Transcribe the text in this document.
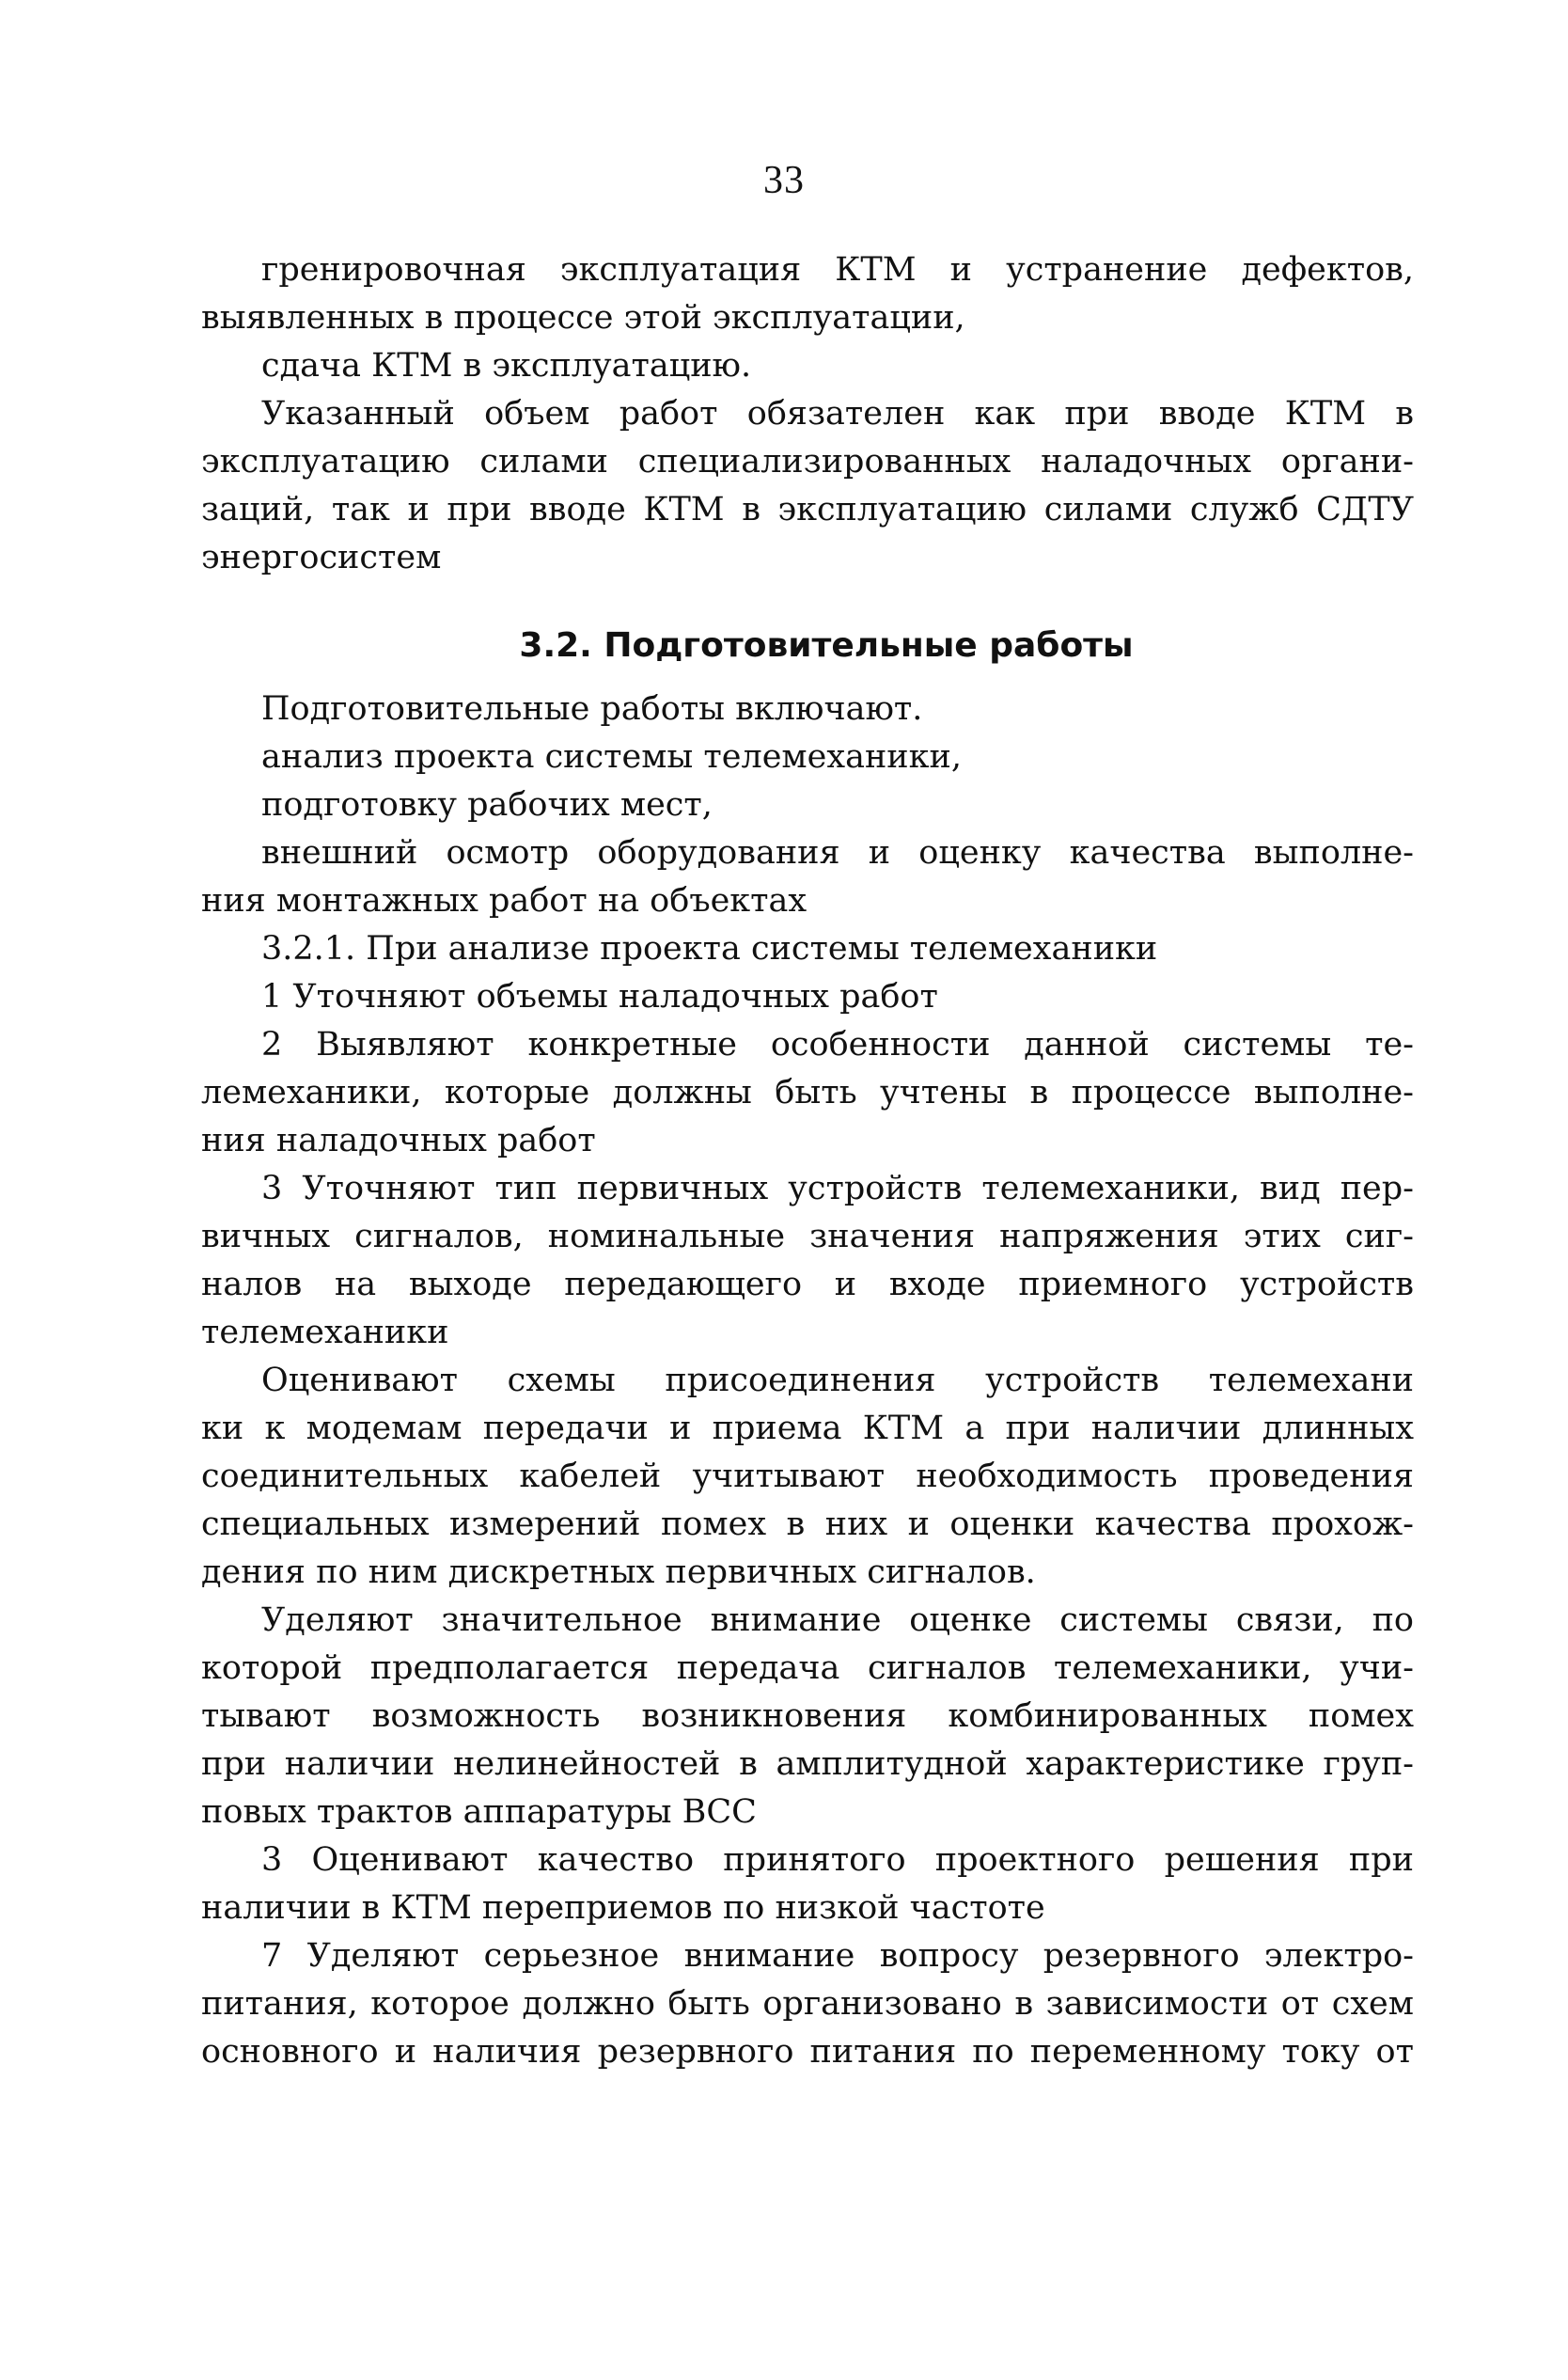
33
гренировочная эксплуатация КТМ и устранение дефектов,
выявленных в процессе этой эксплуатации,
сдача КТМ в эксплуатацию.
Указанный объем работ обязателен как при вводе КТМ в
эксплуатацию силами специализированных наладочных органи-
заций, так и при вводе КТМ в эксплуатацию силами служб СДТУ
энергосистем
3.2. Подготовительные работы
Подготовительные работы включают.
анализ проекта системы телемеханики,
подготовку рабочих мест,
внешний осмотр оборудования и оценку качества выполне-
ния монтажных работ на объектах
3.2.1. При анализе проекта системы телемеханики
1 Уточняют объемы наладочных работ
2 Выявляют конкретные особенности данной системы те-
лемеханики, которые должны быть учтены в процессе выполне-
ния наладочных работ
3 Уточняют тип первичных устройств телемеханики, вид пер-
вичных сигналов, номинальные значения напряжения этих сиг-
налов на выходе передающего и входе приемного устройств
телемеханики
Оценивают схемы присоединения устройств телемехани
ки к модемам передачи и приема КТМ а при наличии длинных
соединительных кабелей учитывают необходимость проведения
специальных измерений помех в них и оценки качества прохож-
дения по ним дискретных первичных сигналов.
Уделяют значительное внимание оценке системы связи, по
которой предполагается передача сигналов телемеханики, учи-
тывают возможность возникновения комбинированных помех
при наличии нелинейностей в амплитудной характеристике груп-
повых трактов аппаратуры ВСС
3 Оценивают качество принятого проектного решения при
наличии в КТМ переприемов по низкой частоте
7 Уделяют серьезное внимание вопросу резервного электро-
питания, которое должно быть организовано в зависимости от схем
основного и наличия резервного питания по переменному току от
